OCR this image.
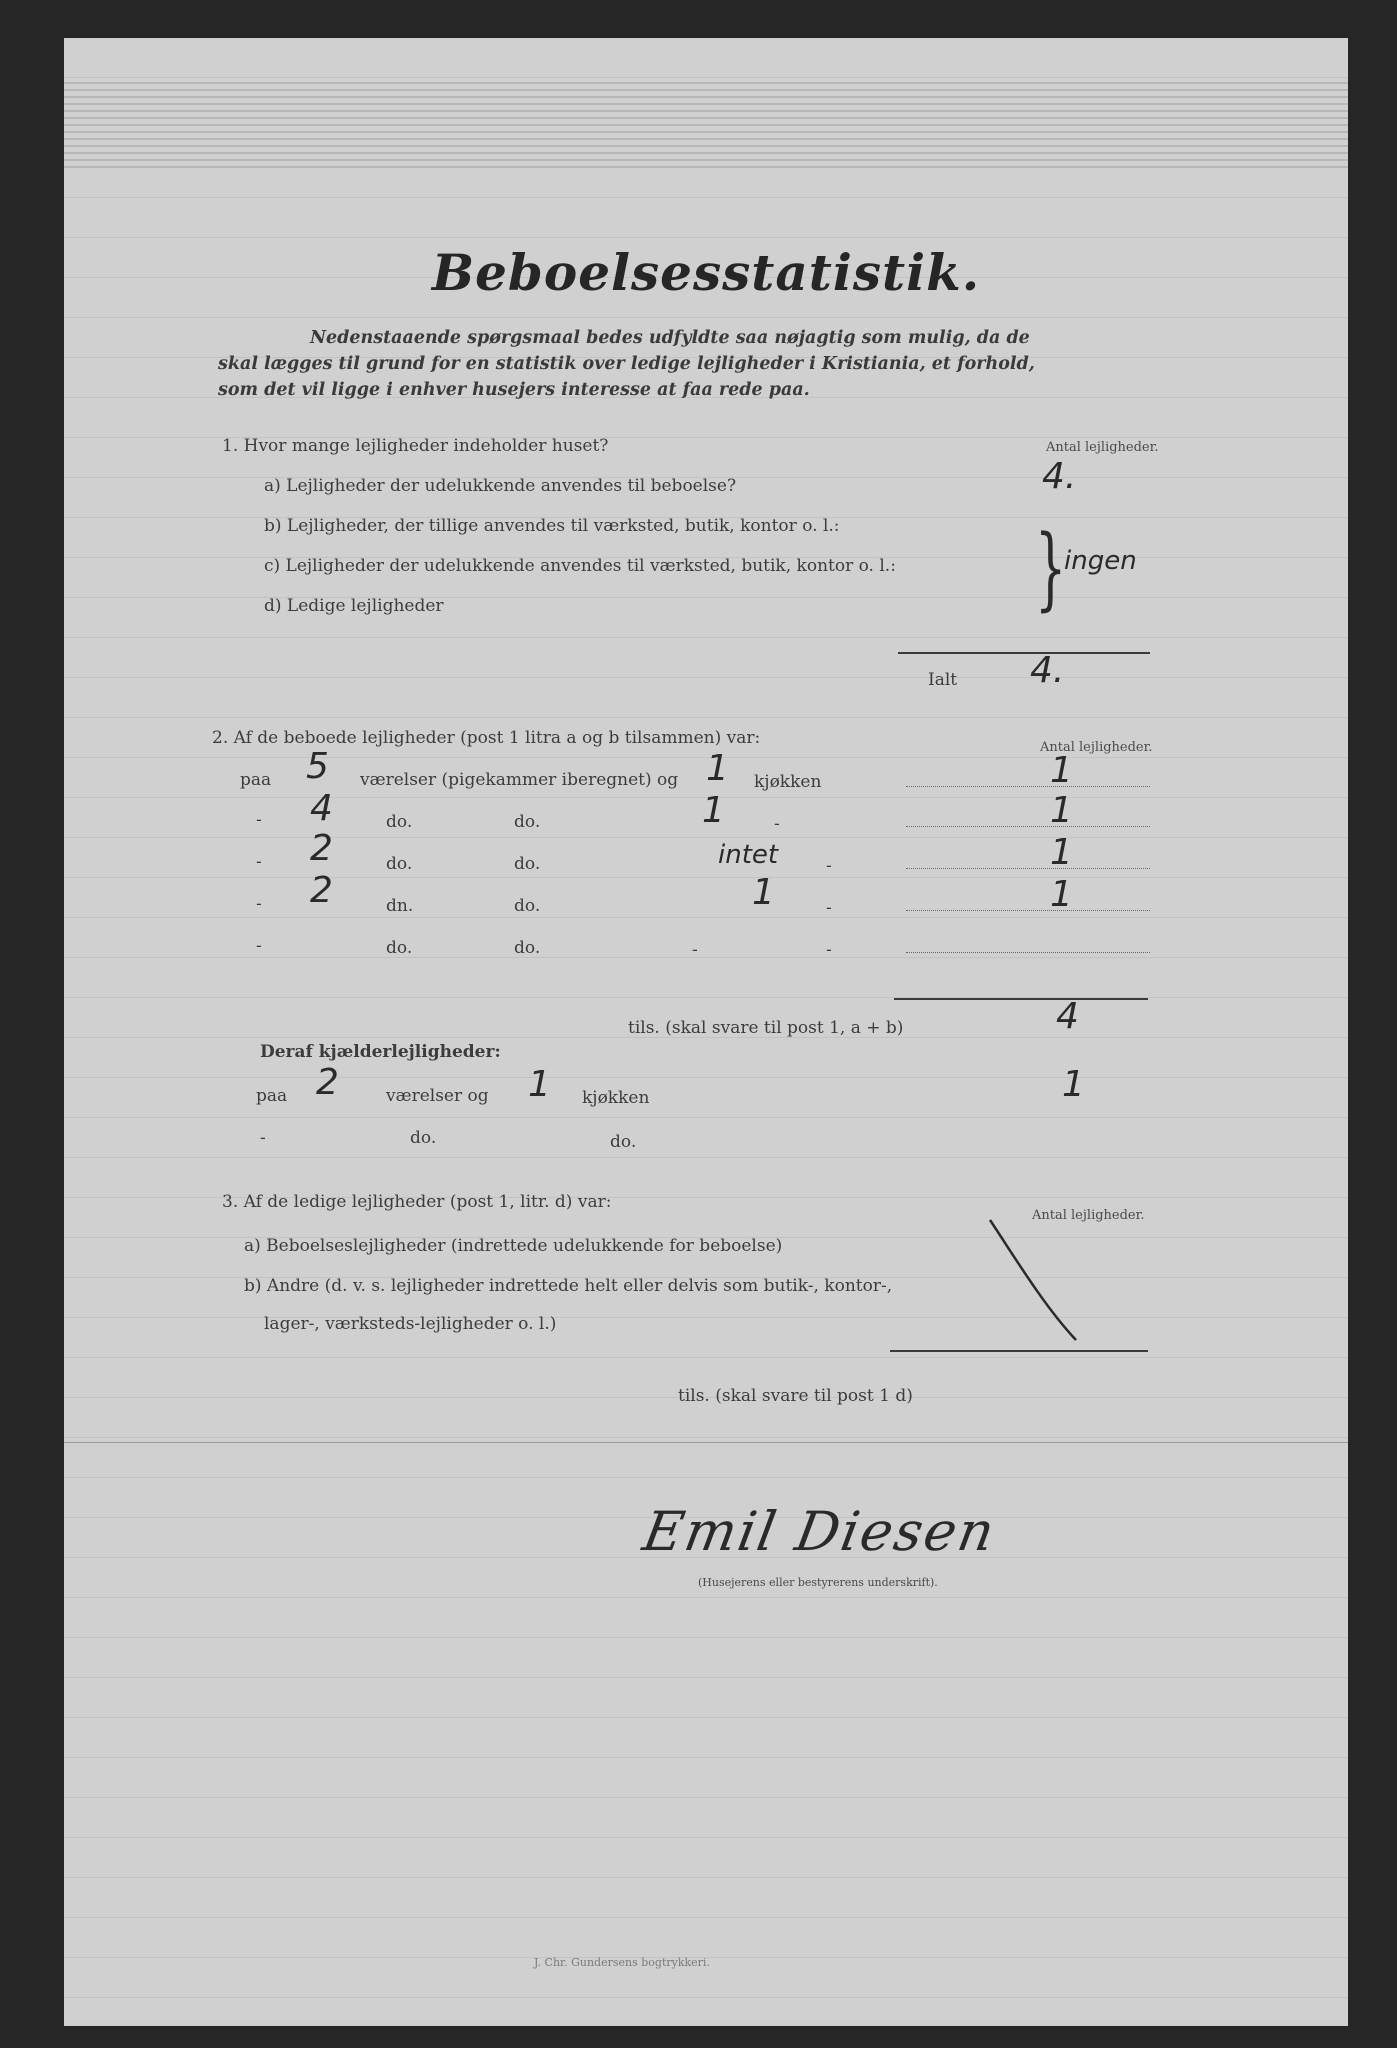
Beboelsesstatistik.
Nedenstaaende spørgsmaal bedes udfyldte saa nøjagtig som mulig, da de
skal lægges til grund for en statistik over ledige lejligheder i Kristiania, et forhold,
som det vil ligge i enhver husejers interesse at faa rede paa.
1. Hvor mange lejligheder indeholder huset?	Antal lejligheder.
a) Lejligheder der udelukkende anvendes til beboelse?	4.
b) Lejligheder, der tillige anvendes til værksted, butik, kontor o. l.:
c) Lejligheder der udelukkende anvendes til værksted, butik, kontor o. l.:
d) Ledige lejligheder	}
ingen
Ialt 4.
2. Af de beboede lejligheder (post 1 litra a og b tilsammen) var:	Antal lejligheder.
paa 5 værelser (pigekammer iberegnet) og 1 kjøkken	1
- 4	do.	do.	1	-	1
- 2	do.	do.	intet	-	1
- 2	dn.	do.	1	-	1
-	do.	do.	-	-
tils. (skal svare til post 1, a + b)	4
Deraf kjælderlejligheder:
paa 2	værelser og 1 kjøkken	1
-	do.	do.
3. Af de ledige lejligheder (post 1, litr. d) var:
Antal lejligheder.
a) Beboelseslejligheder (indrettede udelukkende for beboelse)
b) Andre (d. v. s. lejligheder indrettede helt eller delvis som butik-, kontor-,
lager-, værksteds-lejligheder o. l.)
tils. (skal svare til post 1 d)
Emil Diesen
(Husejerens eller bestyrerens underskrift).
J. Chr. Gundersens bogtrykkeri.
